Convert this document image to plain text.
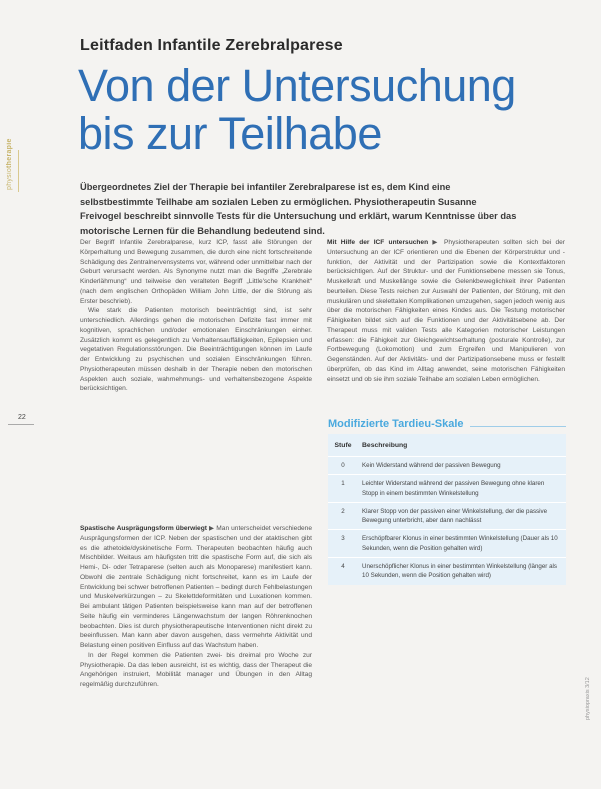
physiotherapie
22
Leitfaden Infantile Zerebralparese
Von der Untersuchung
bis zur Teilhabe
Übergeordnetes Ziel der Therapie bei infantiler Zerebralparese ist es, dem Kind eine selbstbestimmte Teilhabe am sozialen Leben zu ermöglichen. Physiotherapeutin Susanne Freivogel beschreibt sinnvolle Tests für die Untersuchung und erklärt, warum Kenntnisse über das motorische Lernen für die Behandlung bedeutend sind.

Der Begriff Infantile Zerebralparese, kurz ICP, fasst alle Störungen der Körperhaltung und Bewegung zusammen, die durch eine nicht fortschreitende Schädigung des Zentralnervensystems vor, während oder unmittelbar nach der Geburt verursacht werden. Als Synonyme nutzt man die Begriffe „Zerebrale Kinderlähmung“ und teilweise den veralteten Begriff „Little'sche Krankheit“ (nach dem englischen Orthopäden William John Little, der die Störung als Erster beschrieb).

Wie stark die Patienten motorisch beeinträchtigt sind, ist sehr unterschiedlich. Allerdings gehen die motorischen Defizite fast immer mit kognitiven, sprachlichen und/oder emotionalen Einschränkungen einher. Zusätzlich kommt es gelegentlich zu Verhaltensauffälligkeiten, Epilepsien und vegetativen Regulationsstörungen. Die Beeinträchtigungen können im Laufe der Entwicklung zu psychischen und sozialen Einschränkungen führen. Physiotherapeuten müssen deshalb in der Therapie neben den motorischen Aspekten auch soziale, wahrnehmungs- und verhaltensbezogene Aspekte berücksichtigen.

Spastische Ausprägungsform überwiegt ▶ Man unterscheidet verschiedene Ausprägungsformen der ICP. Neben der spastischen und der ataktischen gibt es die athetoide/dyskinetische Form. Therapeuten beobachten häufig auch Mischbilder. Weitaus am häufigsten tritt die spastische Form auf, die sich als Hemi-, Di- oder Tetraparese (selten auch als Monoparese) manifestiert kann. Obwohl die zentrale Schädigung nicht fortschreitet, kann es im Laufe der Entwicklung bei schwer betroffenen Patienten – bedingt durch Fehlbelastungen und Muskelverkürzungen – zu Skelettdeformitäten und Luxationen kommen. Bei ambulant tätigen Patienten beispielsweise kann man auf der betroffenen Seite häufig ein verminderes Längenwachstum der langen Röhrenknochen beobachten. Dies ist durch physiotherapeutische Interventionen nicht direkt zu beeinflussen. Man kann aber davon ausgehen, dass vermehrte Aktivität und Belastung einen positiven Einfluss auf das Wachstum haben.

In der Regel kommen die Patienten zwei- bis dreimal pro Woche zur Physiotherapie. Da das leben ausreicht, ist es wichtig, dass der Therapeut die Angehörigen instruiert, Mobilität manager und Übungen in den Alltag regelmäßig durchzuführen.

Mit Hilfe der ICF untersuchen ▶ Physiotherapeuten sollten sich bei der Untersuchung an der ICF orientieren und die Ebenen der Körperstruktur und -funktion, der Aktivität und der Partizipation sowie die Kontextfaktoren berücksichtigen. Auf der Struktur- und der Funktionsebene messen sie Tonus, Muskelkraft und Muskellänge sowie die Gelenkbeweglichkeit ihrer Patienten beurteilen. Diese Tests reichen zur Auswahl der Patienten, der Störung, mit den muskulären und skelettalen Komplikationen umzugehen, sagen jedoch wenig aus über die motorischen Fähigkeiten eines Kindes aus. Die Testung motorischer Fähigkeiten bildet sich auf die Funktionen und der Aktivitätsebene ab. Der Therapeut muss mit validen Tests alle Kategorien motorischer Leistungen erfassen: die Fähigkeit zur Gleichgewichtserhaltung (posturale Kontrolle), zur Fortbewegung (Lokomotion) und zum Ergreifen und Manipulieren von Gegenständen. Auf der Aktivitäts- und der Partizipationsebene muss er festellt überprüfen, ob das Kind im Alltag anwendet, seine motorischen Fähigkeiten einsetzt und ob sie ihm soziale Teilhabe am sozialen Leben ermöglichen.

Modifizierte Tardieu-Skale
Stufe	Beschreibung
0	Kein Widerstand während der passiven Bewegung
1	Leichter Widerstand während der passiven Bewegung ohne klaren Stopp in einem bestimmten Winkelstellung
2	Klarer Stopp von der passiven einer Winkelstellung, der die passive Bewegung unterbricht, aber dann nachlässt
3	Erschöpfbarer Klonus in einer bestimmten Winkelstellung (Dauer als 10 Sekunden, wenn die Position gehalten wird)
4	Unerschöpflicher Klonus in einer bestimmten Winkelstellung (länger als 10 Sekunden, wenn die Position gehalten wird)
physiopraxis 3/12
